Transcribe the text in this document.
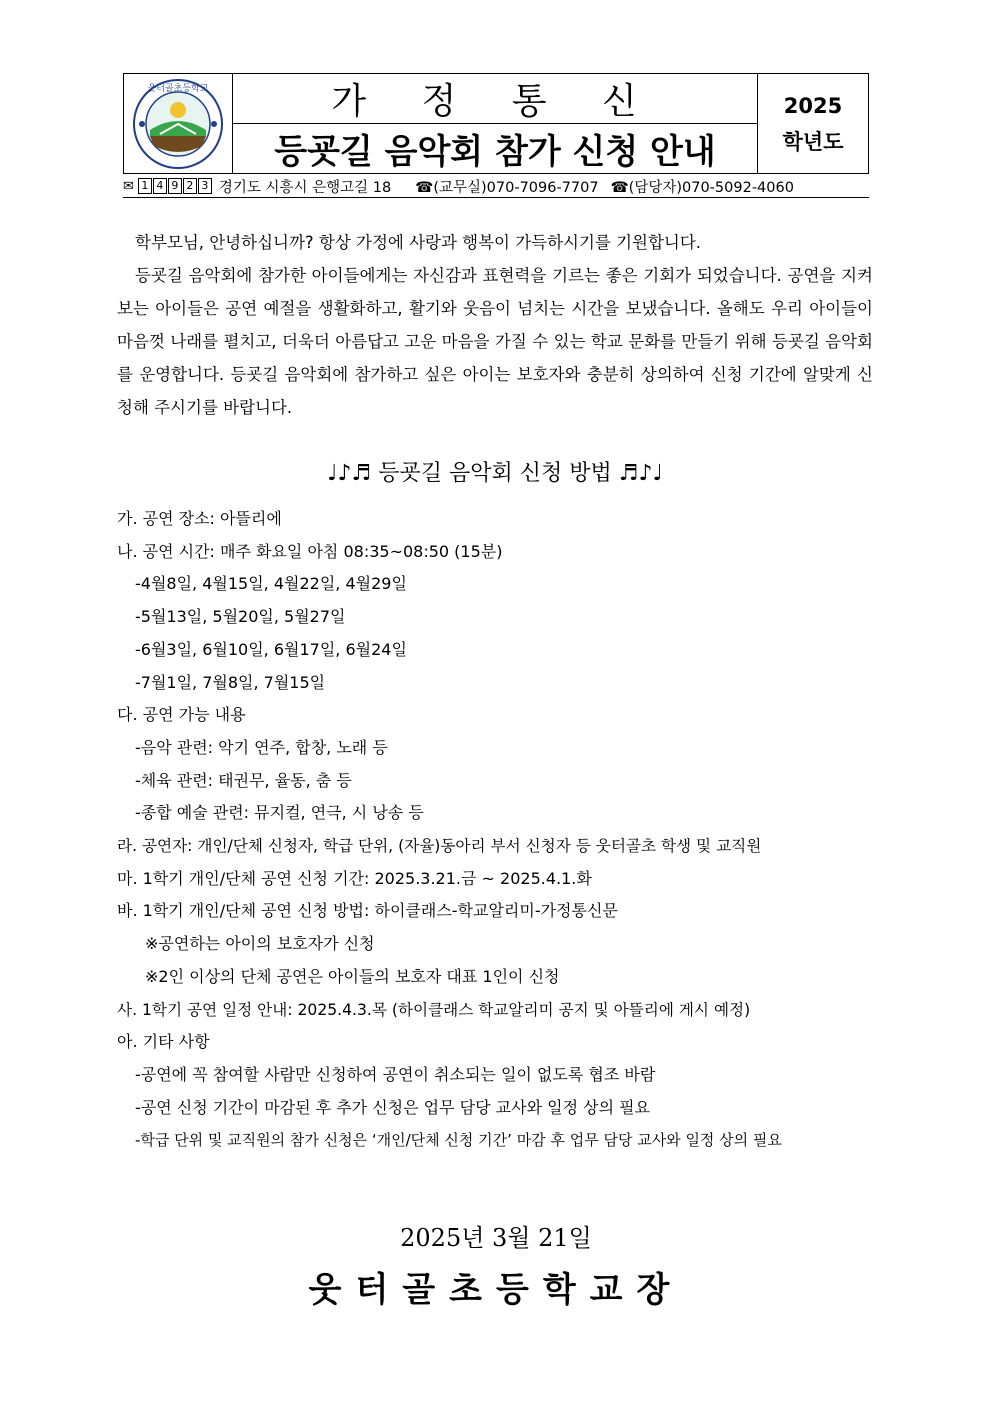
웃터골초등학교	가 정 통 신
등굣길 음악회 참가 신청 안내
2025
학년도
✉ 1 4 9 2 3 경기도 시흥시 은행고길 18 ☎(교무실)070-7096-7707 ☎(담당자)070-5092-4060

학부모님, 안녕하십니까? 항상 가정에 사랑과 행복이 가득하시기를 기원합니다.

등굣길 음악회에 참가한 아이들에게는 자신감과 표현력을 기르는 좋은 기회가 되었습니다. 공연을 지켜보는 아이들은 공연 예절을 생활화하고, 활기와 웃음이 넘치는 시간을 보냈습니다. 올해도 우리 아이들이 마음껏 나래를 펼치고, 더욱더 아름답고 고운 마음을 가질 수 있는 학교 문화를 만들기 위해 등굣길 음악회를 운영합니다. 등굣길 음악회에 참가하고 싶은 아이는 보호자와 충분히 상의하여 신청 기간에 알맞게 신청해 주시기를 바랍니다.

♩♪♬ 등굣길 음악회 신청 방법 ♬♪♩
가. 공연 장소: 아뜰리에
나. 공연 시간: 매주 화요일 아침 08:35~08:50 (15분)
-4월8일, 4월15일, 4월22일, 4월29일
-5월13일, 5월20일, 5월27일
-6월3일, 6월10일, 6월17일, 6월24일
-7월1일, 7월8일, 7월15일
다. 공연 가능 내용
-음악 관련: 악기 연주, 합창, 노래 등
-체육 관련: 태권무, 율동, 춤 등
-종합 예술 관련: 뮤지컬, 연극, 시 낭송 등
라. 공연자: 개인/단체 신청자, 학급 단위, (자율)동아리 부서 신청자 등 웃터골초 학생 및 교직원
마. 1학기 개인/단체 공연 신청 기간: 2025.3.21.금 ~ 2025.4.1.화
바. 1학기 개인/단체 공연 신청 방법: 하이클래스-학교알리미-가정통신문
※공연하는 아이의 보호자가 신청
※2인 이상의 단체 공연은 아이들의 보호자 대표 1인이 신청
사. 1학기 공연 일정 안내: 2025.4.3.목 (하이클래스 학교알리미 공지 및 아뜰리에 게시 예정)
아. 기타 사항
-공연에 꼭 참여할 사람만 신청하여 공연이 취소되는 일이 없도록 협조 바람
-공연 신청 기간이 마감된 후 추가 신청은 업무 담당 교사와 일정 상의 필요
-학급 단위 및 교직원의 참가 신청은 ‘개인/단체 신청 기간’ 마감 후 업무 담당 교사와 일정 상의 필요
2025년 3월 21일
웃터골초등학교장
